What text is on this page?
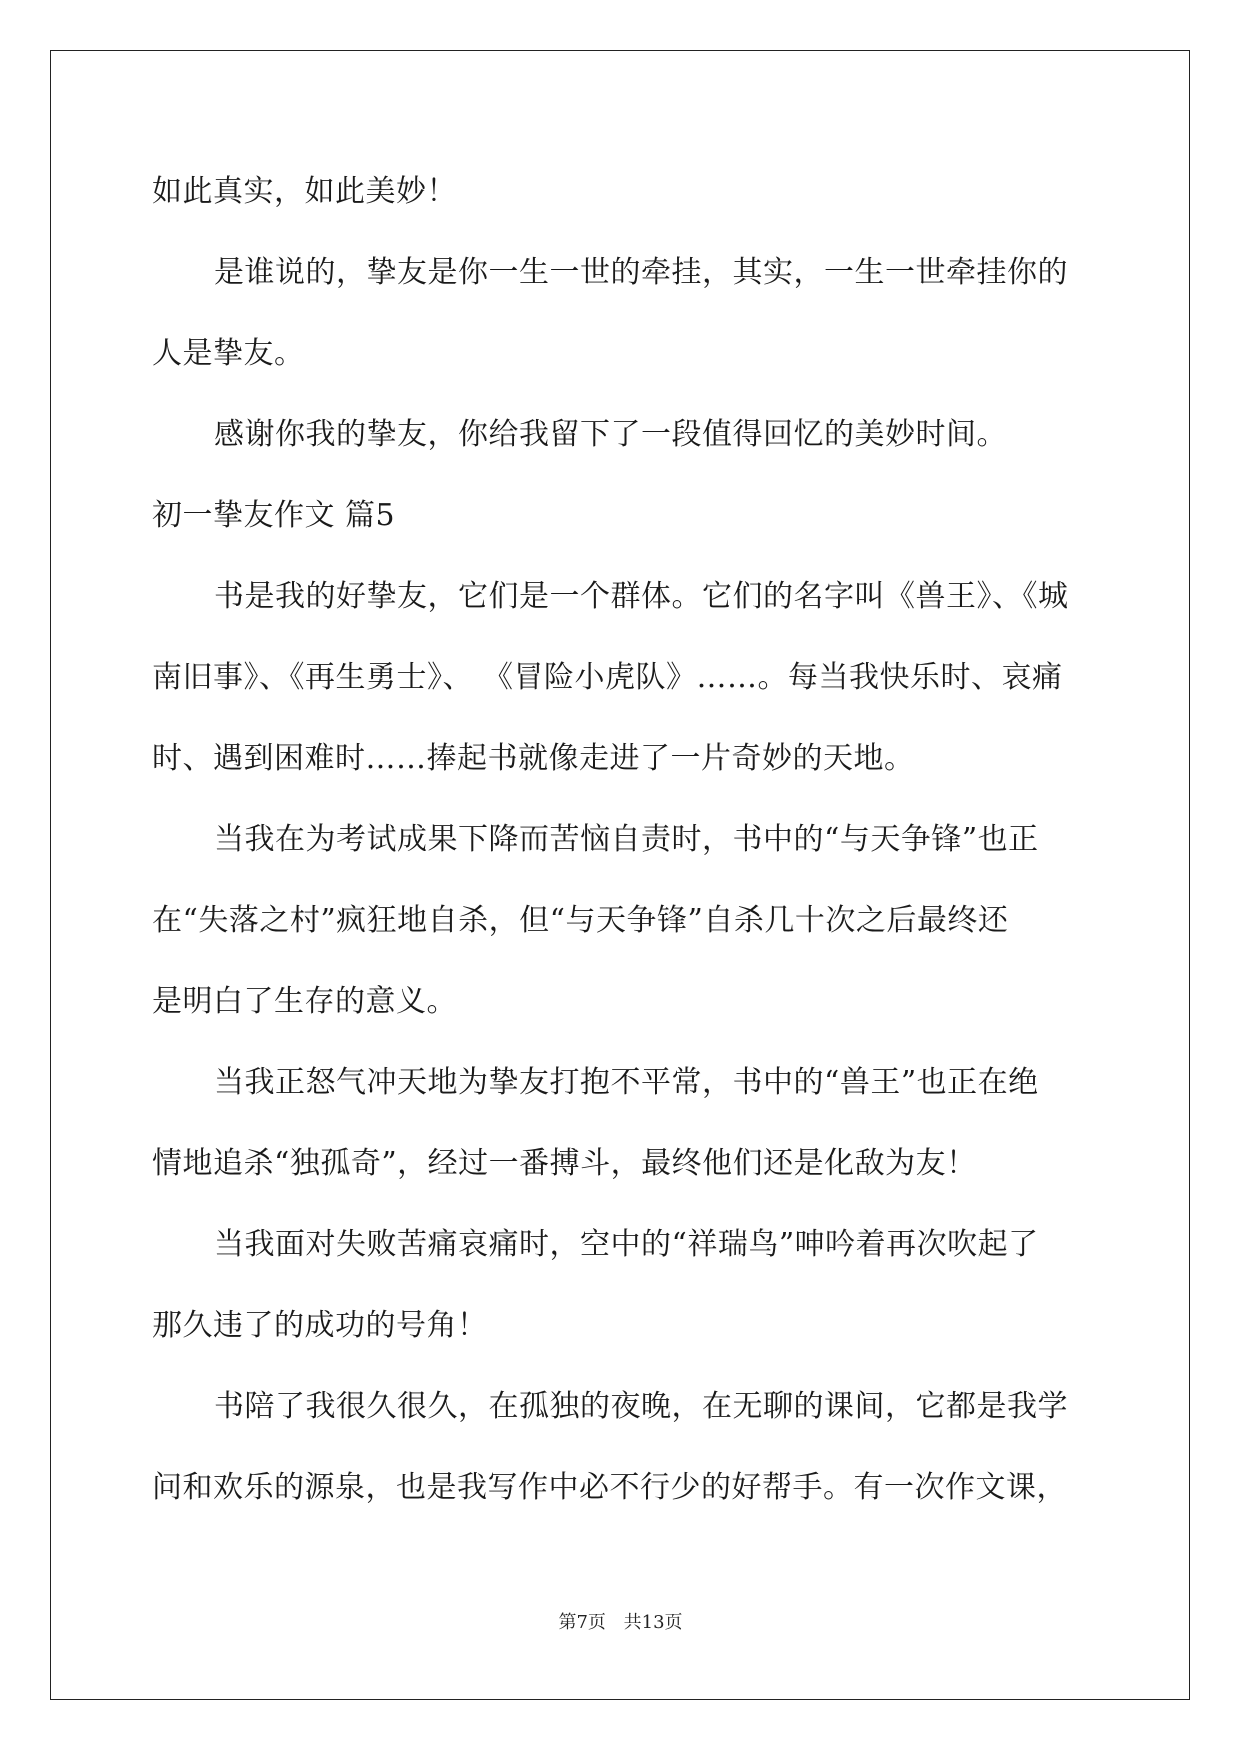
如此真实，如此美妙！
是谁说的，挚友是你一生一世的牵挂，其实，一生一世牵挂你的
人是挚友。
感谢你我的挚友，你给我留下了一段值得回忆的美妙时间。
初一挚友作文 篇5
书是我的好挚友，它们是一个群体。它们的名字叫《兽王》、《城
南旧事》、《再生勇士》、 《冒险小虎队》……。每当我快乐时、哀痛
时、遇到困难时……捧起书就像走进了一片奇妙的天地。
当我在为考试成果下降而苦恼自责时，书中的“与天争锋”也正
在“失落之村”疯狂地自杀，但“与天争锋”自杀几十次之后最终还
是明白了生存的意义。
当我正怒气冲天地为挚友打抱不平常，书中的“兽王”也正在绝
情地追杀“独孤奇”，经过一番搏斗，最终他们还是化敌为友！
当我面对失败苦痛哀痛时，空中的“祥瑞鸟”呻吟着再次吹起了
那久违了的成功的号角！
书陪了我很久很久，在孤独的夜晚，在无聊的课间，它都是我学
问和欢乐的源泉，也是我写作中必不行少的好帮手。有一次作文课，
第7页 共13页
